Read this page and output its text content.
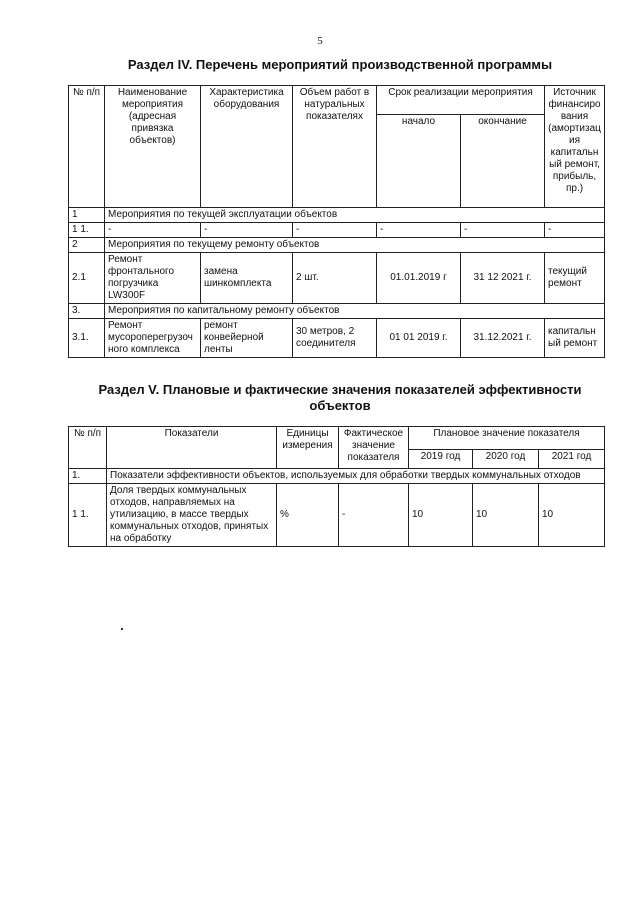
5
Раздел IV. Перечень мероприятий производственной программы
№ п/п	Наименование мероприятия (адресная привязка объектов)	Характеристика оборудования	Объем работ в натуральных показателях	Срок реализации мероприятия		Источник финансирования (амортизация капитальный ремонт, прибыль, пр.)
				начало	окончание	
1	Мероприятия по текущей эксплуатации объектов					
1 1.	-	-	-	-	-	-
2	Мероприятия по текущему ремонту объектов					
2.1	Ремонт фронтального погрузчика LW300F	замена шинкомплекта	2 шт.	01.01.2019 г	31 12 2021 г.	текущий ремонт
3.	Мероприятия по капитальному ремонту объектов					
3.1.	Ремонт мусороперегрузочного комплекса	ремонт конвейерной ленты	30 метров, 2 соединителя	01 01 2019 г.	31.12.2021 г.	капитальный ремонт
Раздел V. Плановые и фактические значения показателей эффективности объектов
№ п/п	Показатели	Единицы измерения	Фактическое значение показателя	Плановое значение показателя		
				2019 год	2020 год	2021 год
1.	Показатели эффективности объектов, используемых для обработки твердых коммунальных отходов					
1 1.	Доля твердых коммунальных отходов, направляемых на утилизацию, в массе твердых коммунальных отходов, принятых на обработку	%	-	10	10	10
